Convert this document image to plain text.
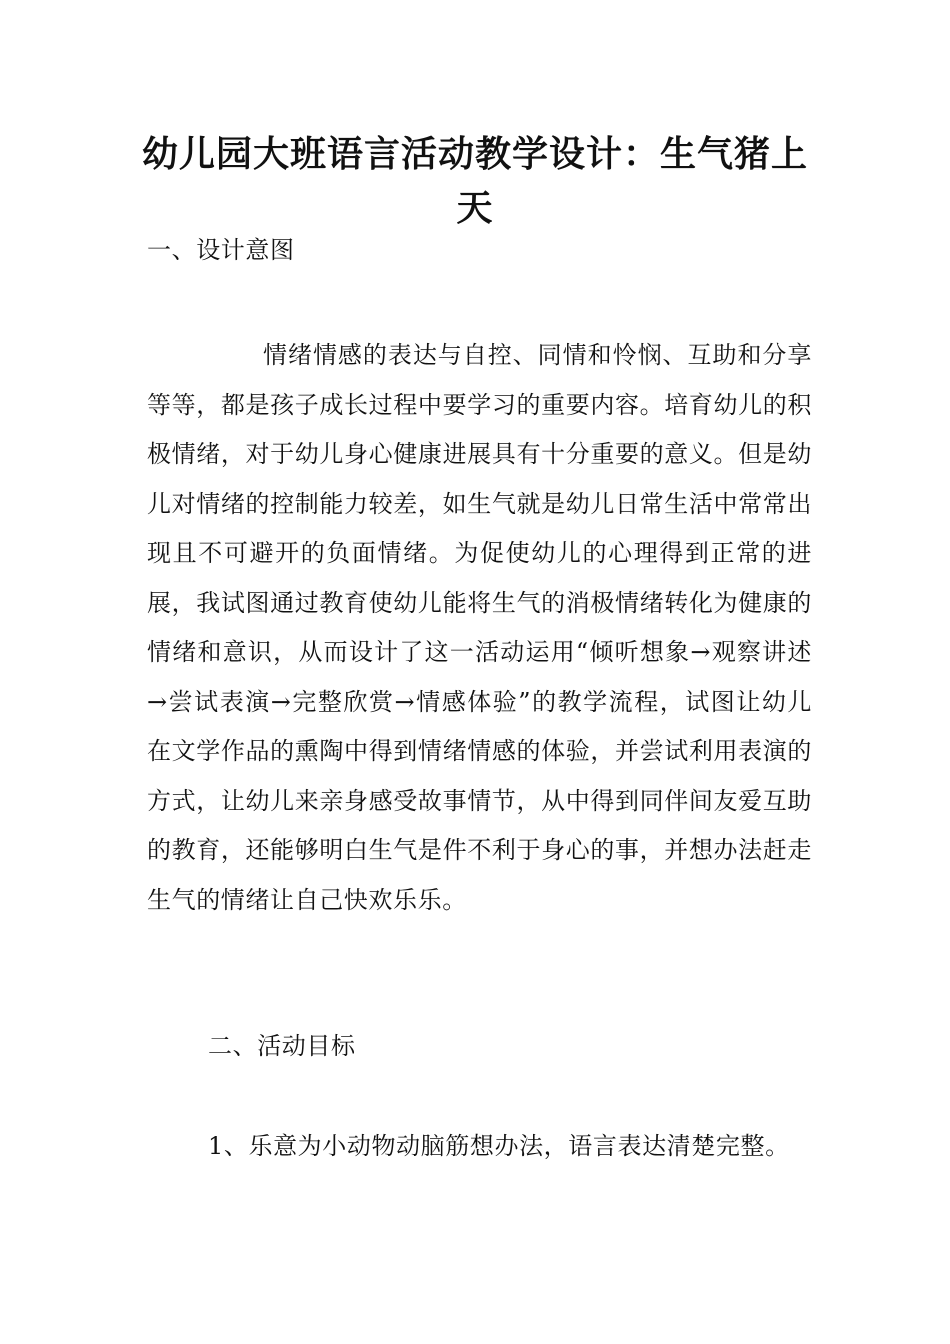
幼儿园大班语言活动教学设计：生气猪上天
一、设计意图

情绪情感的表达与自控、同情和怜悯、互助和分享等等，都是孩子成长过程中要学习的重要内容。培育幼儿的积极情绪，对于幼儿身心健康进展具有十分重要的意义。但是幼儿对情绪的控制能力较差，如生气就是幼儿日常生活中常常出现且不可避开的负面情绪。为促使幼儿的心理得到正常的进展，我试图通过教育使幼儿能将生气的消极情绪转化为健康的情绪和意识，从而设计了这一活动运用“倾听想象→观察讲述→尝试表演→完整欣赏→情感体验”的教学流程，试图让幼儿在文学作品的熏陶中得到情绪情感的体验，并尝试利用表演的方式，让幼儿来亲身感受故事情节，从中得到同伴间友爱互助的教育，还能够明白生气是件不利于身心的事，并想办法赶走生气的情绪让自己快欢乐乐。

二、活动目标

1、乐意为小动物动脑筋想办法，语言表达清楚完整。
